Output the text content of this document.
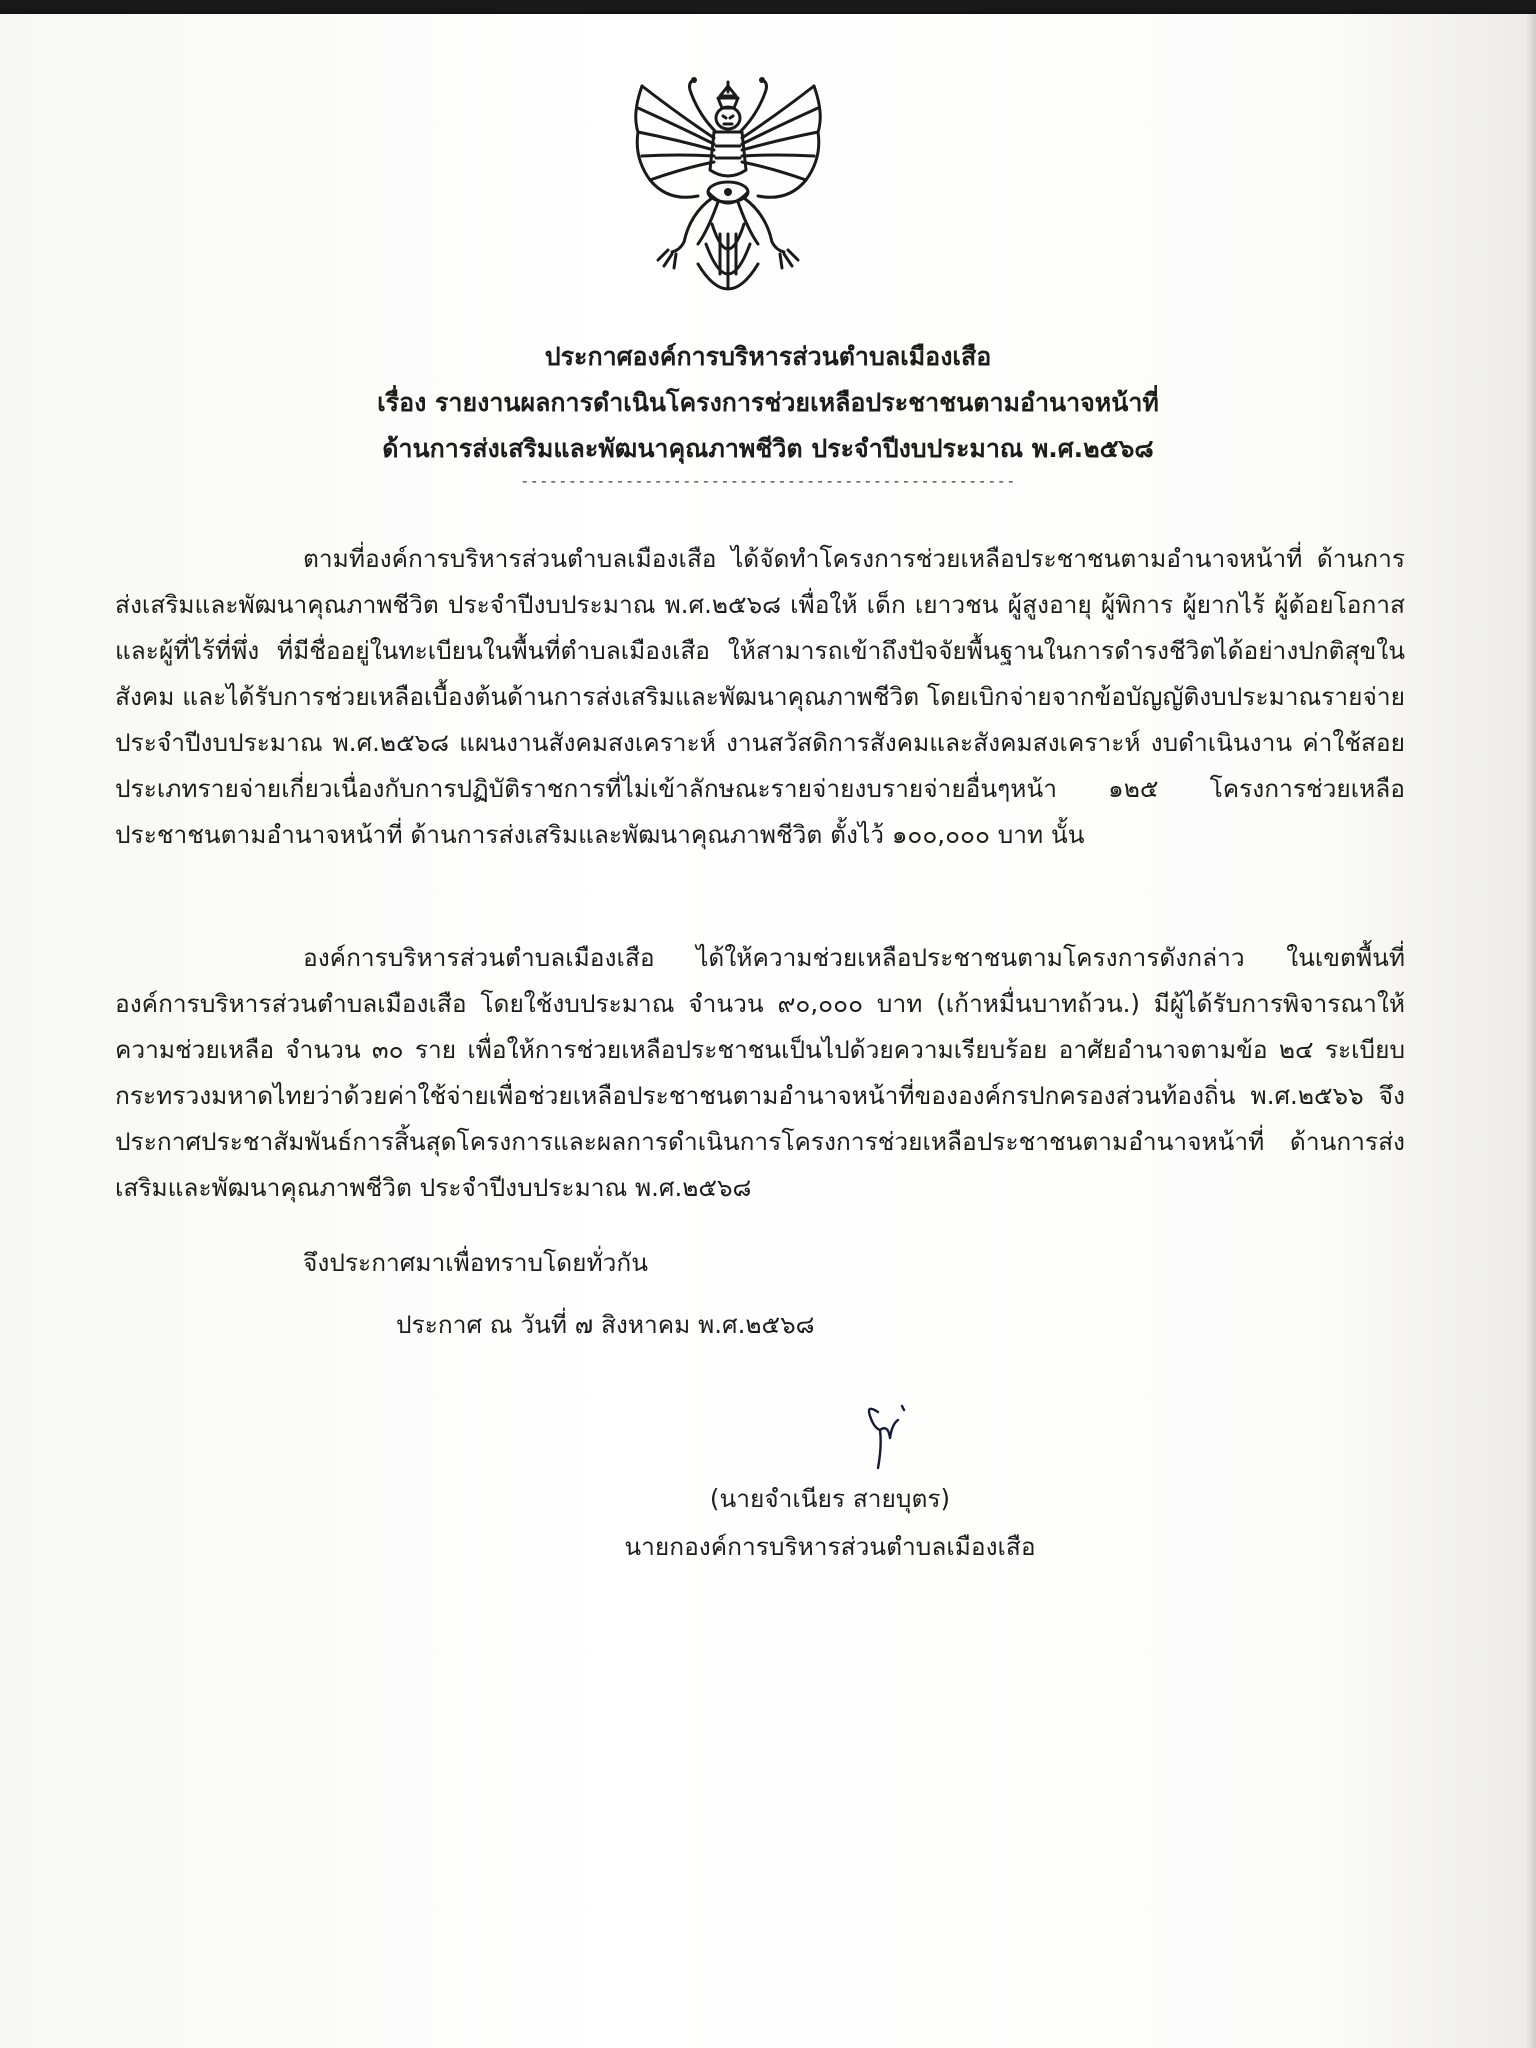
ประกาศองค์การบริหารส่วนตำบลเมืองเสือ
เรื่อง รายงานผลการดำเนินโครงการช่วยเหลือประชาชนตามอำนาจหน้าที่
ด้านการส่งเสริมและพัฒนาคุณภาพชีวิต ประจำปีงบประมาณ พ.ศ.๒๕๖๘
----------------------------------------------------

ตามที่องค์การบริหารส่วนตำบลเมืองเสือ ได้จัดทำโครงการช่วยเหลือประชาชนตามอำนาจหน้าที่ ด้านการส่งเสริมและพัฒนาคุณภาพชีวิต ประจำปีงบประมาณ พ.ศ.๒๕๖๘ เพื่อให้ เด็ก เยาวชน ผู้สูงอายุ ผู้พิการ ผู้ยากไร้ ผู้ด้อยโอกาสและผู้ที่ไร้ที่พึ่ง ที่มีชื่ออยู่ในทะเบียนในพื้นที่ตำบลเมืองเสือ ให้สามารถเข้าถึงปัจจัยพื้นฐานในการดำรงชีวิตได้อย่างปกติสุขในสังคม และได้รับการช่วยเหลือเบื้องต้นด้านการส่งเสริมและพัฒนาคุณภาพชีวิต โดยเบิกจ่ายจากข้อบัญญัติงบประมาณรายจ่ายประจำปีงบประมาณ พ.ศ.๒๕๖๘ แผนงานสังคมสงเคราะห์ งานสวัสดิการสังคมและสังคมสงเคราะห์ งบดำเนินงาน ค่าใช้สอย ประเภทรายจ่ายเกี่ยวเนื่องกับการปฏิบัติราชการที่ไม่เข้าลักษณะรายจ่ายงบรายจ่ายอื่นๆหน้า ๑๒๕ โครงการช่วยเหลือประชาชนตามอำนาจหน้าที่ ด้านการส่งเสริมและพัฒนาคุณภาพชีวิต ตั้งไว้ ๑๐๐,๐๐๐ บาท นั้น

องค์การบริหารส่วนตำบลเมืองเสือ ได้ให้ความช่วยเหลือประชาชนตามโครงการดังกล่าว ในเขตพื้นที่องค์การบริหารส่วนตำบลเมืองเสือ โดยใช้งบประมาณ จำนวน ๙๐,๐๐๐ บาท (เก้าหมื่นบาทถ้วน.) มีผู้ได้รับการพิจารณาให้ความช่วยเหลือ จำนวน ๓๐ ราย เพื่อให้การช่วยเหลือประชาชนเป็นไปด้วยความเรียบร้อย อาศัยอำนาจตามข้อ ๒๔ ระเบียบกระทรวงมหาดไทยว่าด้วยค่าใช้จ่ายเพื่อช่วยเหลือประชาชนตามอำนาจหน้าที่ขององค์กรปกครองส่วนท้องถิ่น พ.ศ.๒๕๖๖ จึงประกาศประชาสัมพันธ์การสิ้นสุดโครงการและผลการดำเนินการโครงการช่วยเหลือประชาชนตามอำนาจหน้าที่ ด้านการส่งเสริมและพัฒนาคุณภาพชีวิต ประจำปีงบประมาณ พ.ศ.๒๕๖๘

จึงประกาศมาเพื่อทราบโดยทั่วกัน
ประกาศ ณ วันที่ ๗ สิงหาคม พ.ศ.๒๕๖๘
(นายจำเนียร สายบุตร)
นายกองค์การบริหารส่วนตำบลเมืองเสือ
